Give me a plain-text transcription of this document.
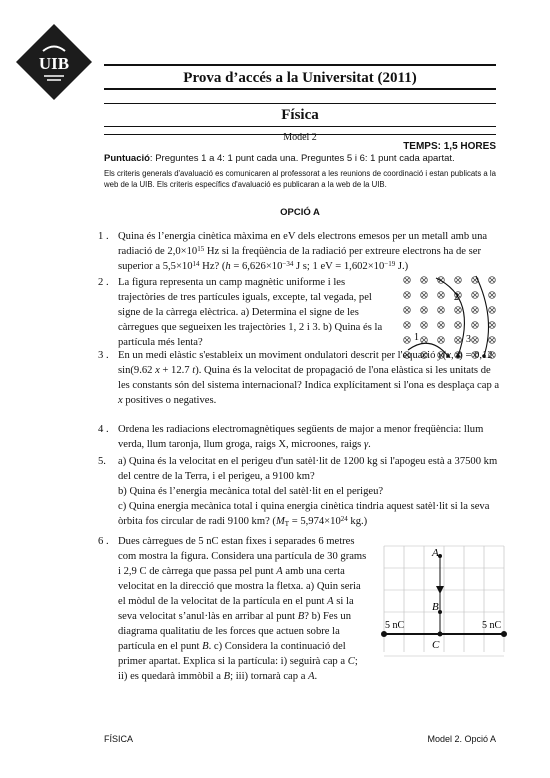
UIB
Prova d’accés a la Universitat (2011)
Física
Model 2
TEMPS: 1,5 HORES
Puntuació: Preguntes 1 a 4: 1 punt cada una. Preguntes 5 i 6: 1 punt cada apartat.
Els criteris generals d'avaluació es comunicaren al professorat a les reunions de coordinació i estan publicats a la web de la UIB. Els criteris específics d'avaluació es publicaran a la web de la UIB.
OPCIÓ A
1 . Quina és l’energia cinètica màxima en eV dels electrons emesos per un metall amb una radiació de $2,0\times 10^{15}$ Hz si la freqüència de la radiació per extreure electrons ha de ser superior a $5,5\times 10^{14}$ Hz? ($h = 6,626\times 10^{-34}$ J s; 1 eV = $1,602\times 10^{-19}$ J.)
2 . La figura representa un camp magnètic uniforme i les trajectòries de tres partícules iguals, excepte, tal vegada, pel signe de la càrrega elèctrica. a) Determina el signe de les càrregues que segueixen les trajectòries 1, 2 i 3. b) Quina és la partícula més lenta?	1
2
3
3 . En un medi elàstic s'estableix un moviment ondulatori descrit per l'equació y(x, t) = 0,12 sin(9.62 x + 12.7 t). Quina és la velocitat de propagació de l'ona elàstica si les unitats de les constants són del sistema internacional? Indica explícitament si l'ona es desplaça cap a x positives o negatives.
4 . Ordena les radiacions electromagnètiques següents de major a menor freqüència: llum verda, llum taronja, llum groga, raigs X, microones, raigs γ.
5. a) Quina és la velocitat en el perigeu d'un satèl·lit de 1200 kg si l'apogeu està a 37500 km del centre de la Terra, i el perigeu, a 9100 km?
b) Quina és l’energia mecànica total del satèl·lit en el perigeu?
c) Quina energia mecànica total i quina energia cinètica tindria aquest satèl·lit si la seva òrbita fos circular de radi 9100 km? ($M_T = 5,974\times 10^{24}$ kg.)
6 . Dues càrregues de 5 nC estan fixes i separades 6 metres com mostra la figura. Considera una partícula de 30 grams i 2,9 C de càrrega que passa pel punt A amb una certa velocitat en la direcció que mostra la fletxa. a) Quin seria el mòdul de la velocitat de la partícula en el punt A si la seva velocitat s’anul·làs en arribar al punt B? b) Fes un diagrama qualitatiu de les forces que actuen sobre la partícula en el punt B. c) Considera la continuació del primer apartat. Explica si la partícula: i) seguirà cap a C; ii) es quedarà immòbil a B; iii) tornarà cap a A.
A
B
C
5 nC	5 nC
FÍSICA	Model 2. Opció A
